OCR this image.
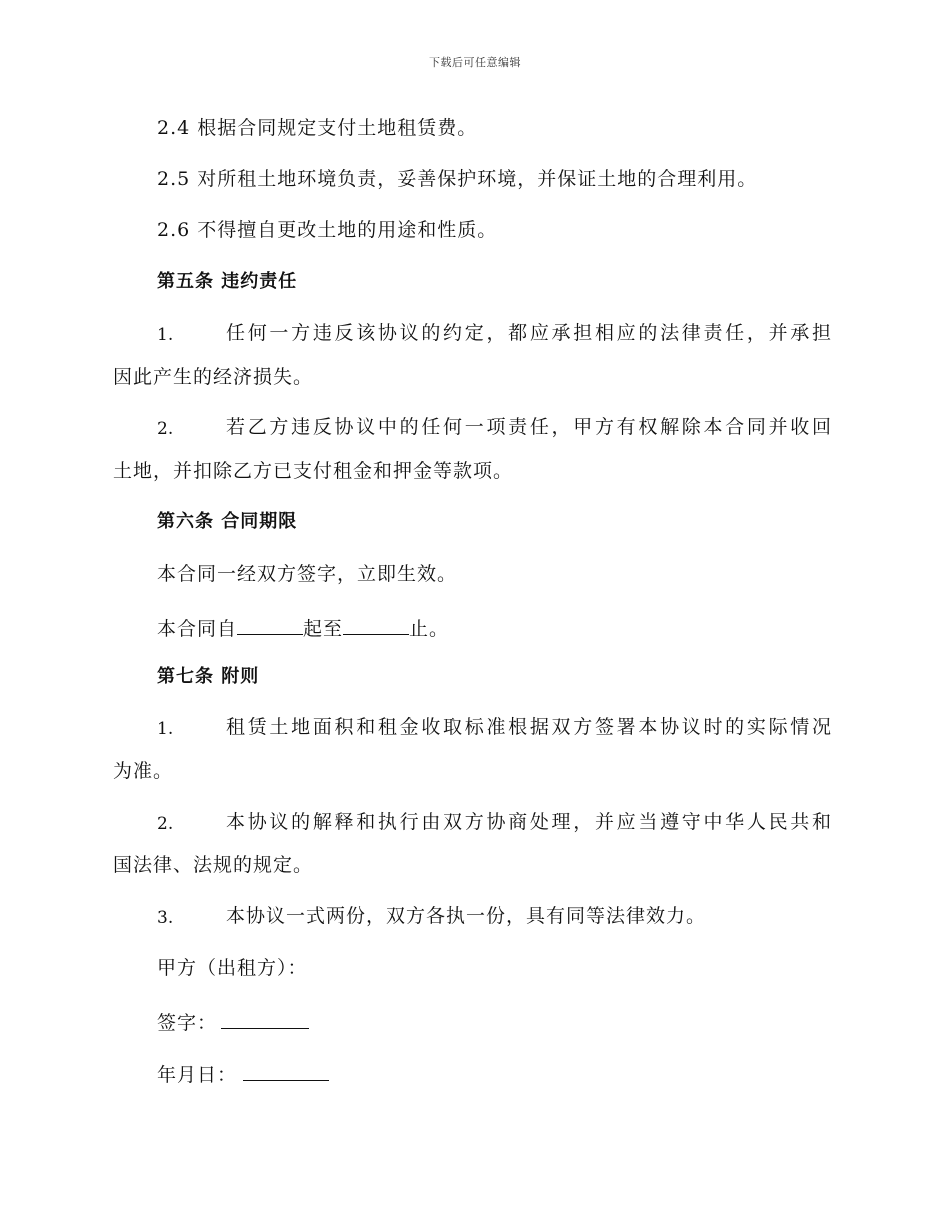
下载后可任意编辑
2.4 根据合同规定支付土地租赁费。
2.5 对所租土地环境负责，妥善保护环境，并保证土地的合理利用。
2.6 不得擅自更改土地的用途和性质。
第五条 违约责任
1.	任何一方违反该协议的约定，都应承担相应的法律责任，并承担
因此产生的经济损失。
2.	若乙方违反协议中的任何一项责任，甲方有权解除本合同并收回
土地，并扣除乙方已支付租金和押金等款项。
第六条 合同期限
本合同一经双方签字，立即生效。
本合同自	起至	止。
第七条 附则
1.	租赁土地面积和租金收取标准根据双方签署本协议时的实际情况
为准。
2.	本协议的解释和执行由双方协商处理，并应当遵守中华人民共和
国法律、法规的规定。
3.	本协议一式两份，双方各执一份，具有同等法律效力。
甲方（出租方）：
签字：
年月日：
